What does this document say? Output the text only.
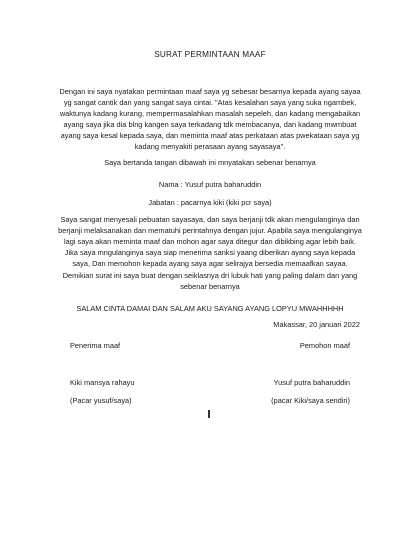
SURAT PERMINTAAN MAAF

Dengan ini saya nyatakan permintaan maaf saya yg sebesar besarnya kepada ayang sayaa yg sangat cantik dan yang sangat saya cintai. "Atas kesalahan saya yang suka ngambek, waktunya kadang kurang, mempermasalahkan masalah sepeleh, dan kadang mengabaikan ayang saya jika dia blng kangen saya terkadang tdk membacanya, dan kadang mwmbuat ayang saya kesal kepada saya, dan meminta maaf atas perkataan atas pwekataan saya yg kadang menyakiti perasaan ayang sayasaya".

Saya bertanda tangan dibawah ini mnyatakan sebenar benarnya

Nama : Yusuf putra baharuddin

Jabatan : pacarnya kiki (kiki pcr saya)

Saya sangat menyesali pebuatan sayasaya, dan saya berjanji tdk akan mengulanginya dan berjanji melaksanakan dan mematuhi perintahnya dengan jujur. Apabila saya mengulanginya lagi saya akan meminta maaf dan mohon agar saya ditegur dan dibikbing agar lebih baik. Jika saya mngulanginya saya siap menerima sanksi yaang diberikan ayang saya kepada saya, Dan memohon kepada ayang saya agar selirajya bersedia memaafkan sayaa.

Demikian surat ini saya buat dengan seiklasnya dri lubuk hati yang paling dalam dan yang sebenar benarnya

SALAM CINTA DAMAI DAN SALAM AKU SAYANG AYANG LOPYU MWAHHHHH

Makassar, 20 januari 2022
Penerima maaf	Pemohon maaf
Kiki mansya rahayu	Yusuf putra baharuddin
(Pacar yusuf/saya)	(pacar Kiki/saya sendiri)
